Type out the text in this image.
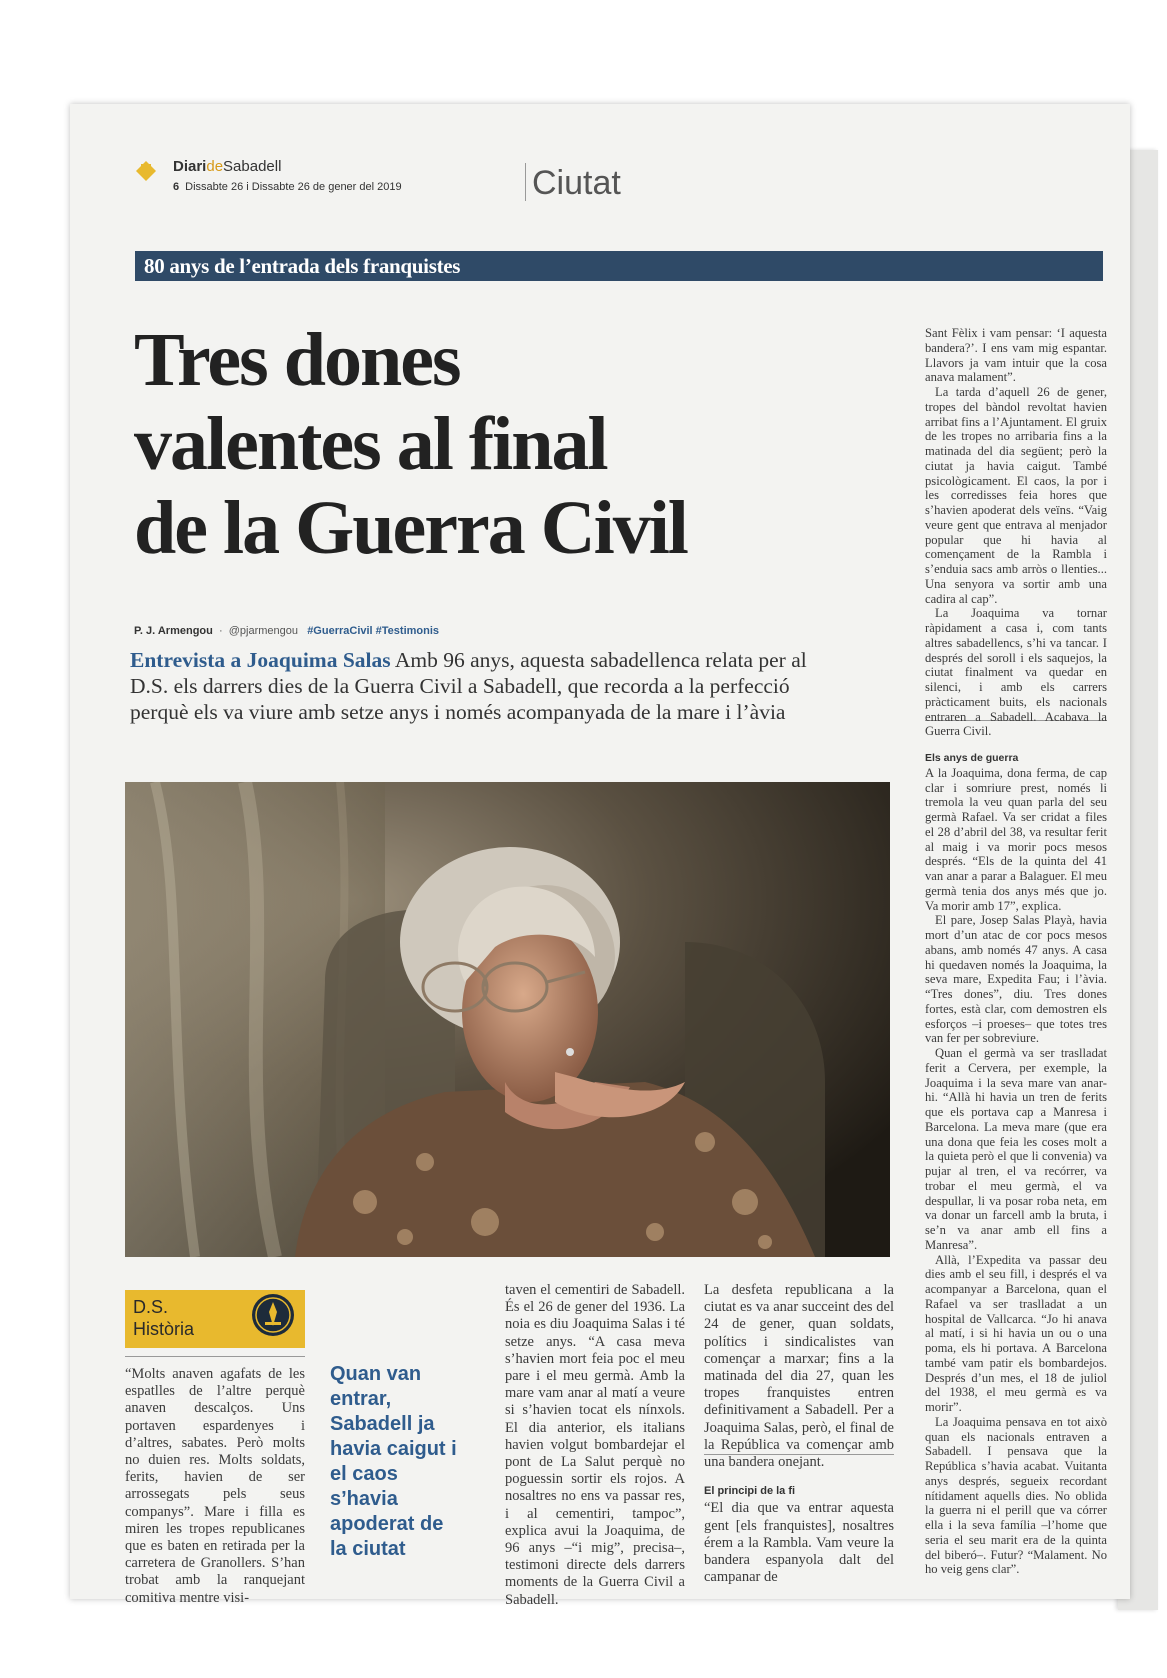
DiarideSabadell
6 Dissabte 26 i Dissabte 26 de gener del 2019	Ciutat
80 anys de l’entrada dels franquistes
Tres dones
valentes al final
de la Guerra Civil
P. J. Armengou  ·  @pjarmengou #GuerraCivil #Testimonis
Entrevista a Joaquima Salas Amb 96 anys, aquesta sabadellenca relata per al D.S. els darrers dies de la Guerra Civil a Sabadell, que recorda a la perfecció perquè els va viure amb setze anys i només acompanyada de la mare i l’àvia
D.S.
Història
Quan van entrar, Sabadell ja havia caigut i el caos s’havia apoderat de la ciutat

“Molts anaven agafats de les espatlles de l’altre perquè anaven descalços. Uns portaven espardenyes i d’altres, sabates. Però molts no duien res. Molts soldats, ferits, havien de ser arrossegats pels seus companys”. Mare i filla es miren les tropes republicanes que es baten en retirada per la carretera de Granollers. S’han trobat amb la ranquejant comitiva mentre visi-

taven el cementiri de Sabadell. És el 26 de gener del 1936. La noia es diu Joaquima Salas i té setze anys. “A casa meva s’havien mort feia poc el meu pare i el meu germà. Amb la mare vam anar al matí a veure si s’havien tocat els nínxols. El dia anterior, els italians havien volgut bombardejar el pont de La Salut perquè no poguessin sortir els rojos. A nosaltres no ens va passar res, i al cementiri, tampoc”, explica avui la Joaquima, de 96 anys –“i mig”, precisa–, testimoni directe dels darrers moments de la Guerra Civil a Sabadell.

La desfeta republicana a la ciutat es va anar succeint des del 24 de gener, quan soldats, polítics i sindicalistes van començar a marxar; fins a la matinada del dia 27, quan les tropes franquistes entren definitivament a Sabadell. Per a Joaquima Salas, però, el final de la República va començar amb una bandera onejant.

El principi de la fi

“El dia que va entrar aquesta gent [els franquistes], nosaltres érem a la Rambla. Vam veure la bandera espanyola dalt del campanar de

Sant Fèlix i vam pensar: ‘I aquesta bandera?’. I ens vam mig espantar. Llavors ja vam intuir que la cosa anava malament”.

La tarda d’aquell 26 de gener, tropes del bàndol revoltat havien arribat fins a l’Ajuntament. El gruix de les tropes no arribaria fins a la matinada del dia següent; però la ciutat ja havia caigut. També psicològicament. El caos, la por i les corredisses feia hores que s’havien apoderat dels veïns. “Vaig veure gent que entrava al menjador popular que hi havia al començament de la Rambla i s’enduia sacs amb arròs o llenties... Una senyora va sortir amb una cadira al cap”.

La Joaquima va tornar ràpidament a casa i, com tants altres sabadellencs, s’hi va tancar. I després del soroll i els saquejos, la ciutat finalment va quedar en silenci, i amb els carrers pràcticament buits, els nacionals entraren a Sabadell. Acabava la Guerra Civil.

Els anys de guerra

A la Joaquima, dona ferma, de cap clar i somriure prest, només li tremola la veu quan parla del seu germà Rafael. Va ser cridat a files el 28 d’abril del 38, va resultar ferit al maig i va morir pocs mesos després. “Els de la quinta del 41 van anar a parar a Balaguer. El meu germà tenia dos anys més que jo. Va morir amb 17”, explica.

El pare, Josep Salas Playà, havia mort d’un atac de cor pocs mesos abans, amb només 47 anys. A casa hi quedaven només la Joaquima, la seva mare, Expedita Fau; i l’àvia. “Tres dones”, diu. Tres dones fortes, està clar, com demostren els esforços –i proeses– que totes tres van fer per sobreviure.

Quan el germà va ser traslladat ferit a Cervera, per exemple, la Joaquima i la seva mare van anar-hi. “Allà hi havia un tren de ferits que els portava cap a Manresa i Barcelona. La meva mare (que era una dona que feia les coses molt a la quieta però el que li convenia) va pujar al tren, el va recórrer, va trobar el meu germà, el va despullar, li va posar roba neta, em va donar un farcell amb la bruta, i se’n va anar amb ell fins a Manresa”.

Allà, l’Expedita va passar deu dies amb el seu fill, i després el va acompanyar a Barcelona, quan el Rafael va ser traslladat a un hospital de Vallcarca. “Jo hi anava al matí, i si hi havia un ou o una poma, els hi portava. A Barcelona també vam patir els bombardejos. Després d’un mes, el 18 de juliol del 1938, el meu germà es va morir”.

La Joaquima pensava en tot això quan els nacionals entraven a Sabadell. I pensava que la República s’havia acabat. Vuitanta anys després, segueix recordant nítidament aquells dies. No oblida la guerra ni el perill que va córrer ella i la seva família –l’home que seria el seu marit era de la quinta del biberó–. Futur? “Malament. No ho veig gens clar”.
